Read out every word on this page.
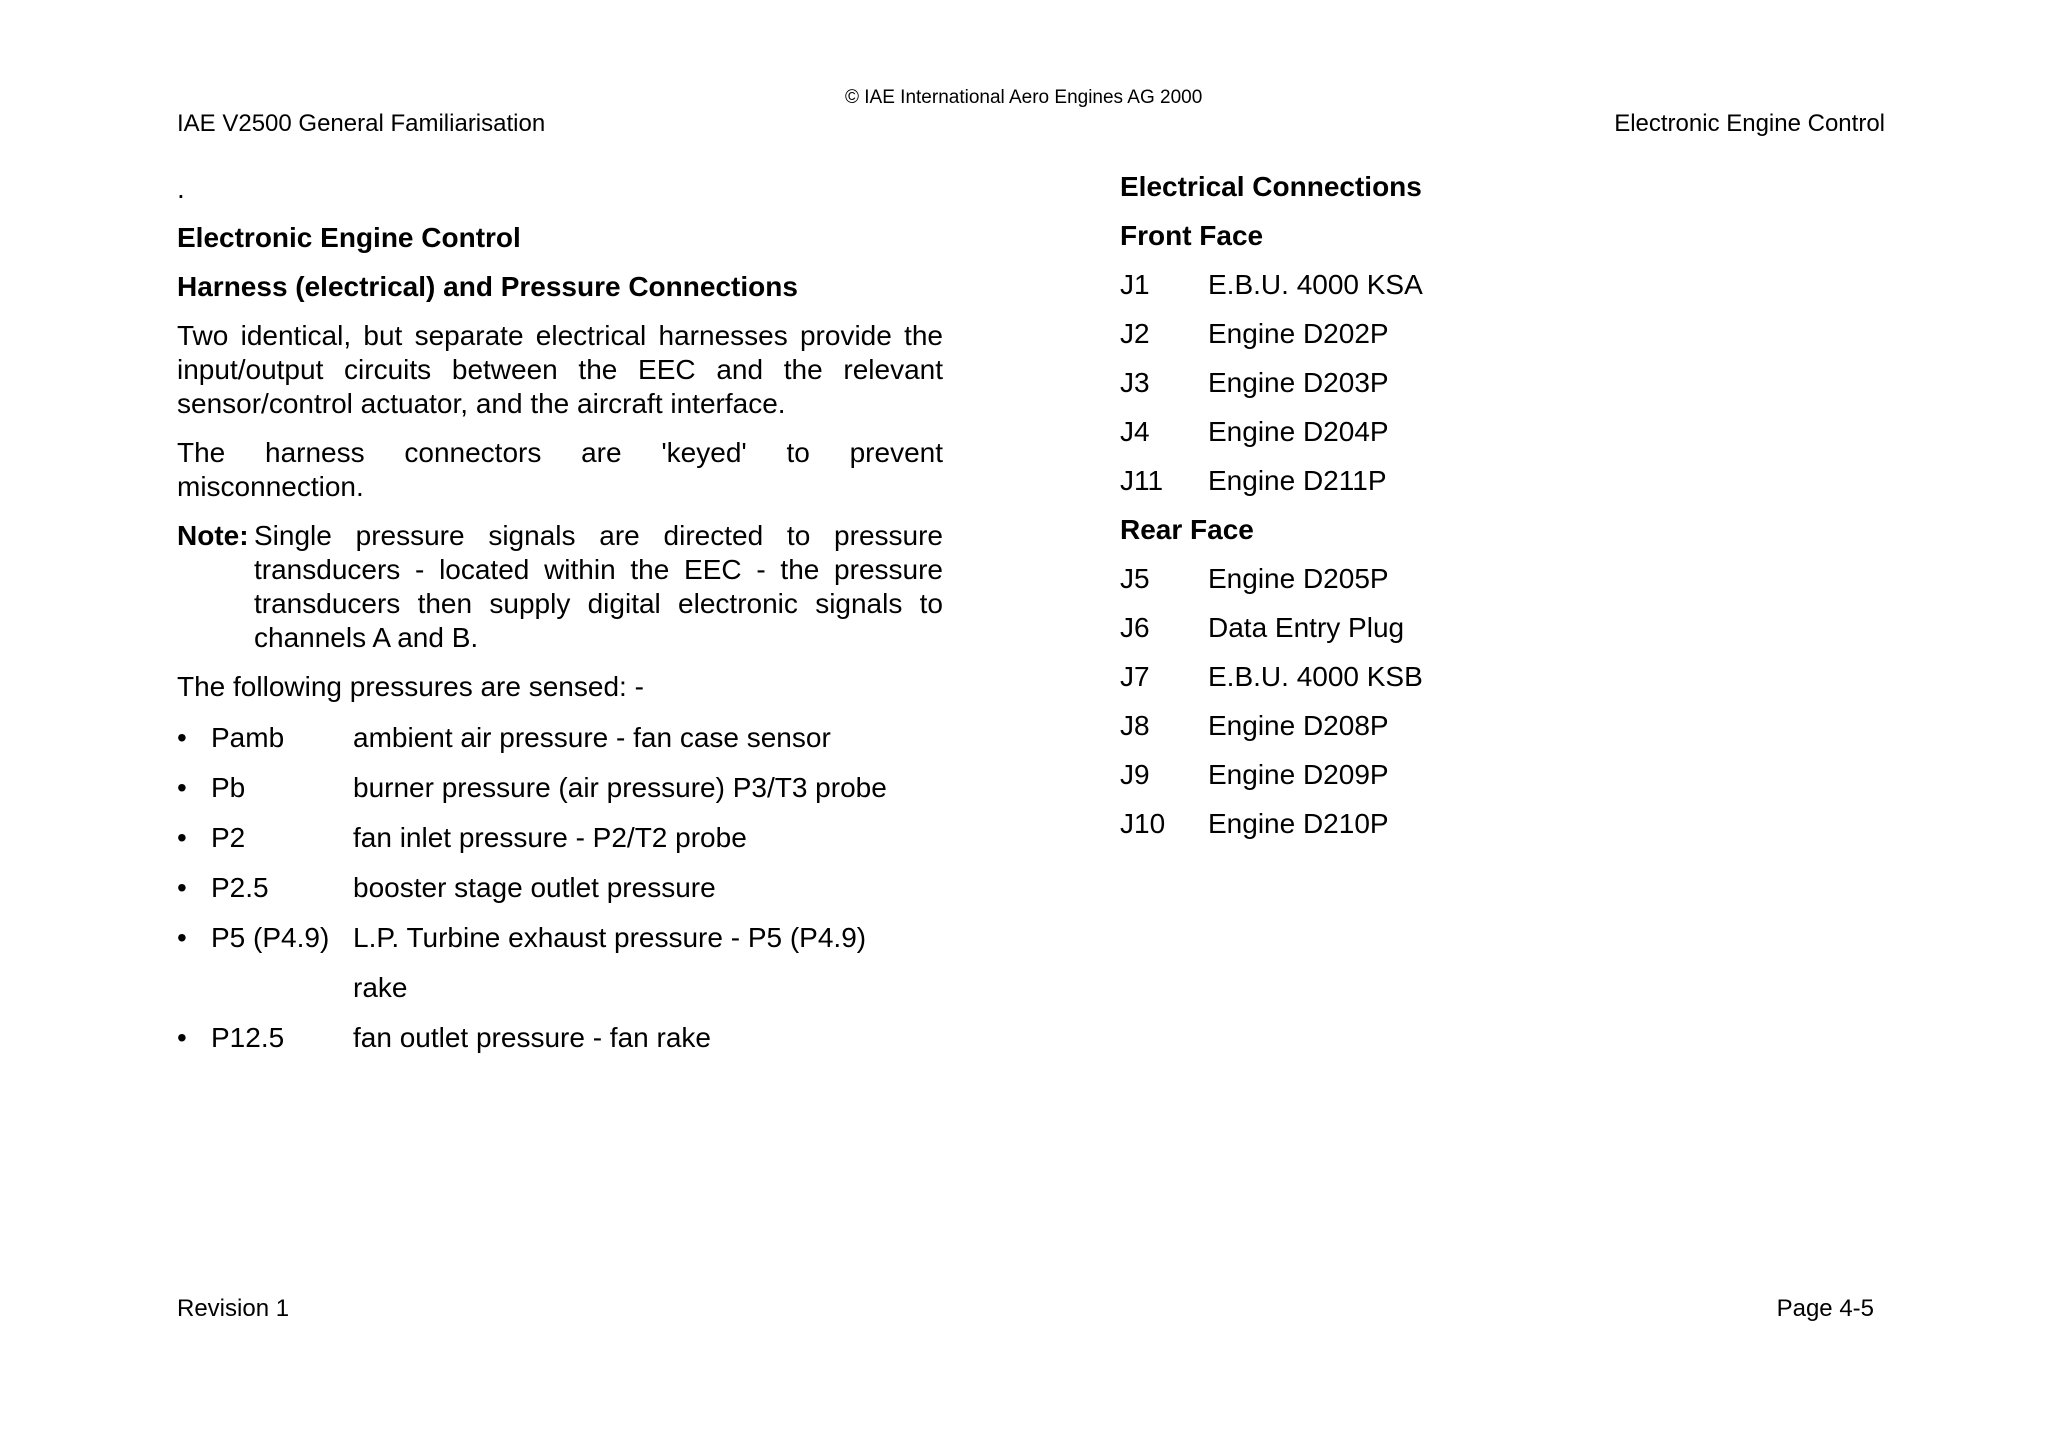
© IAE International Aero Engines AG 2000
IAE V2500 General Familiarisation	Electronic Engine Control
.
Electronic Engine Control
Harness (electrical) and Pressure Connections

Two identical, but separate electrical harnesses provide the input/output circuits between the EEC and the relevant sensor/control actuator, and the aircraft interface.

The harness connectors are 'keyed' to prevent misconnection.

Note: Single pressure signals are directed to pressure transducers - located within the EEC - the pressure transducers then supply digital electronic signals to channels A and B.

The following pressures are sensed: -

• Pamb	ambient air pressure - fan case sensor
• Pb	burner pressure (air pressure) P3/T3 probe
• P2	fan inlet pressure - P2/T2 probe
• P2.5	booster stage outlet pressure
• P5 (P4.9) L.P. Turbine exhaust pressure - P5 (P4.9)
rake
• P12.5	fan outlet pressure - fan rake
Electrical Connections
Front Face
J1	E.B.U. 4000 KSA
J2	Engine D202P
J3	Engine D203P
J4	Engine D204P
J11	Engine D211P
Rear Face
J5	Engine D205P
J6	Data Entry Plug
J7	E.B.U. 4000 KSB
J8	Engine D208P
J9	Engine D209P
J10	Engine D210P
Revision 1	Page 4-5
